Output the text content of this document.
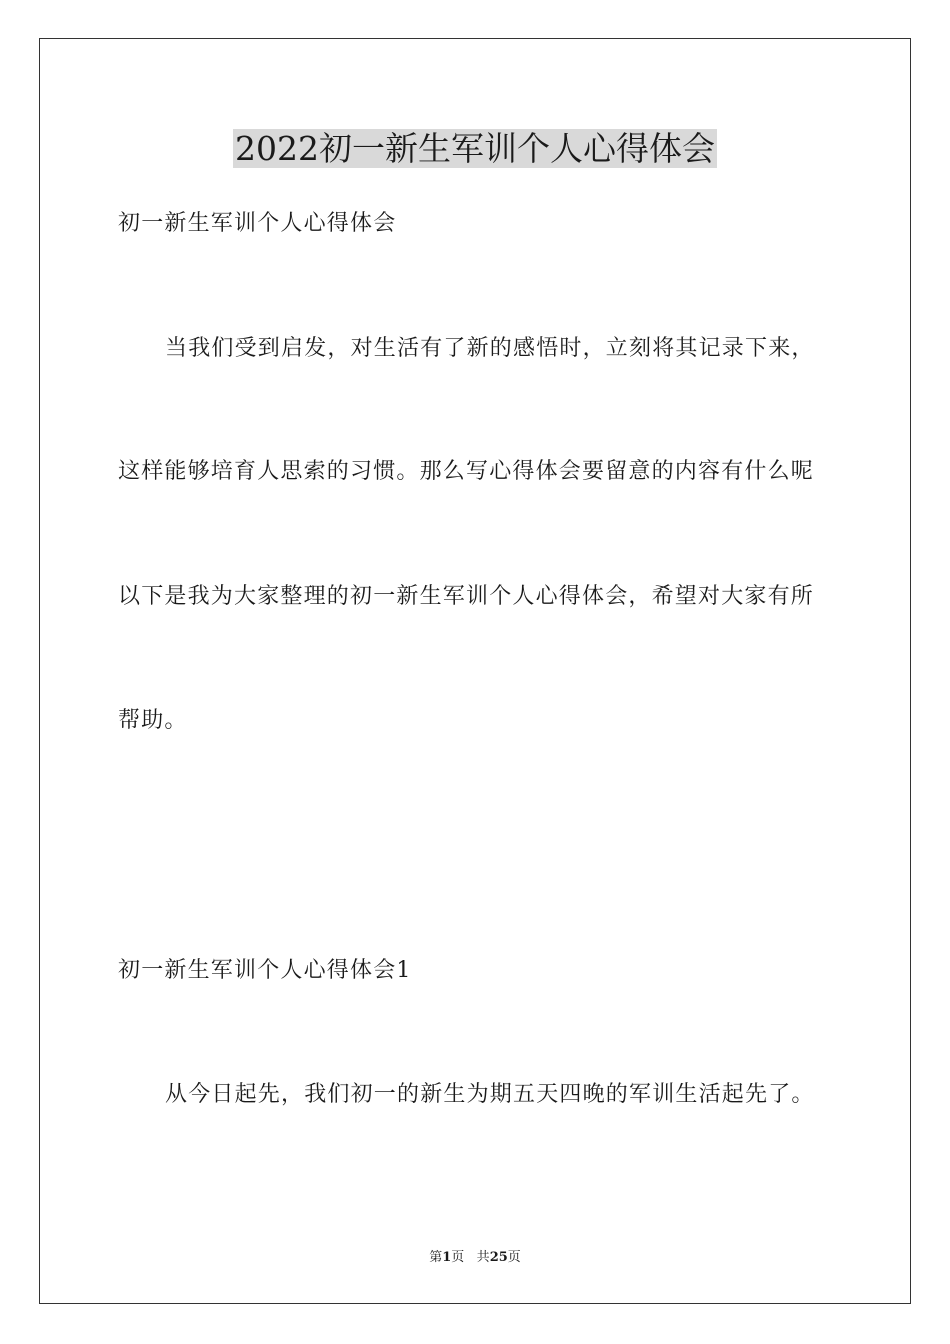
2022初一新生军训个人心得体会
初一新生军训个人心得体会
当我们受到启发，对生活有了新的感悟时，立刻将其记录下来，
这样能够培育人思索的习惯。那么写心得体会要留意的内容有什么呢
以下是我为大家整理的初一新生军训个人心得体会，希望对大家有所
帮助。
初一新生军训个人心得体会1
从今日起先，我们初一的新生为期五天四晚的军训生活起先了。
第1页 共25页
